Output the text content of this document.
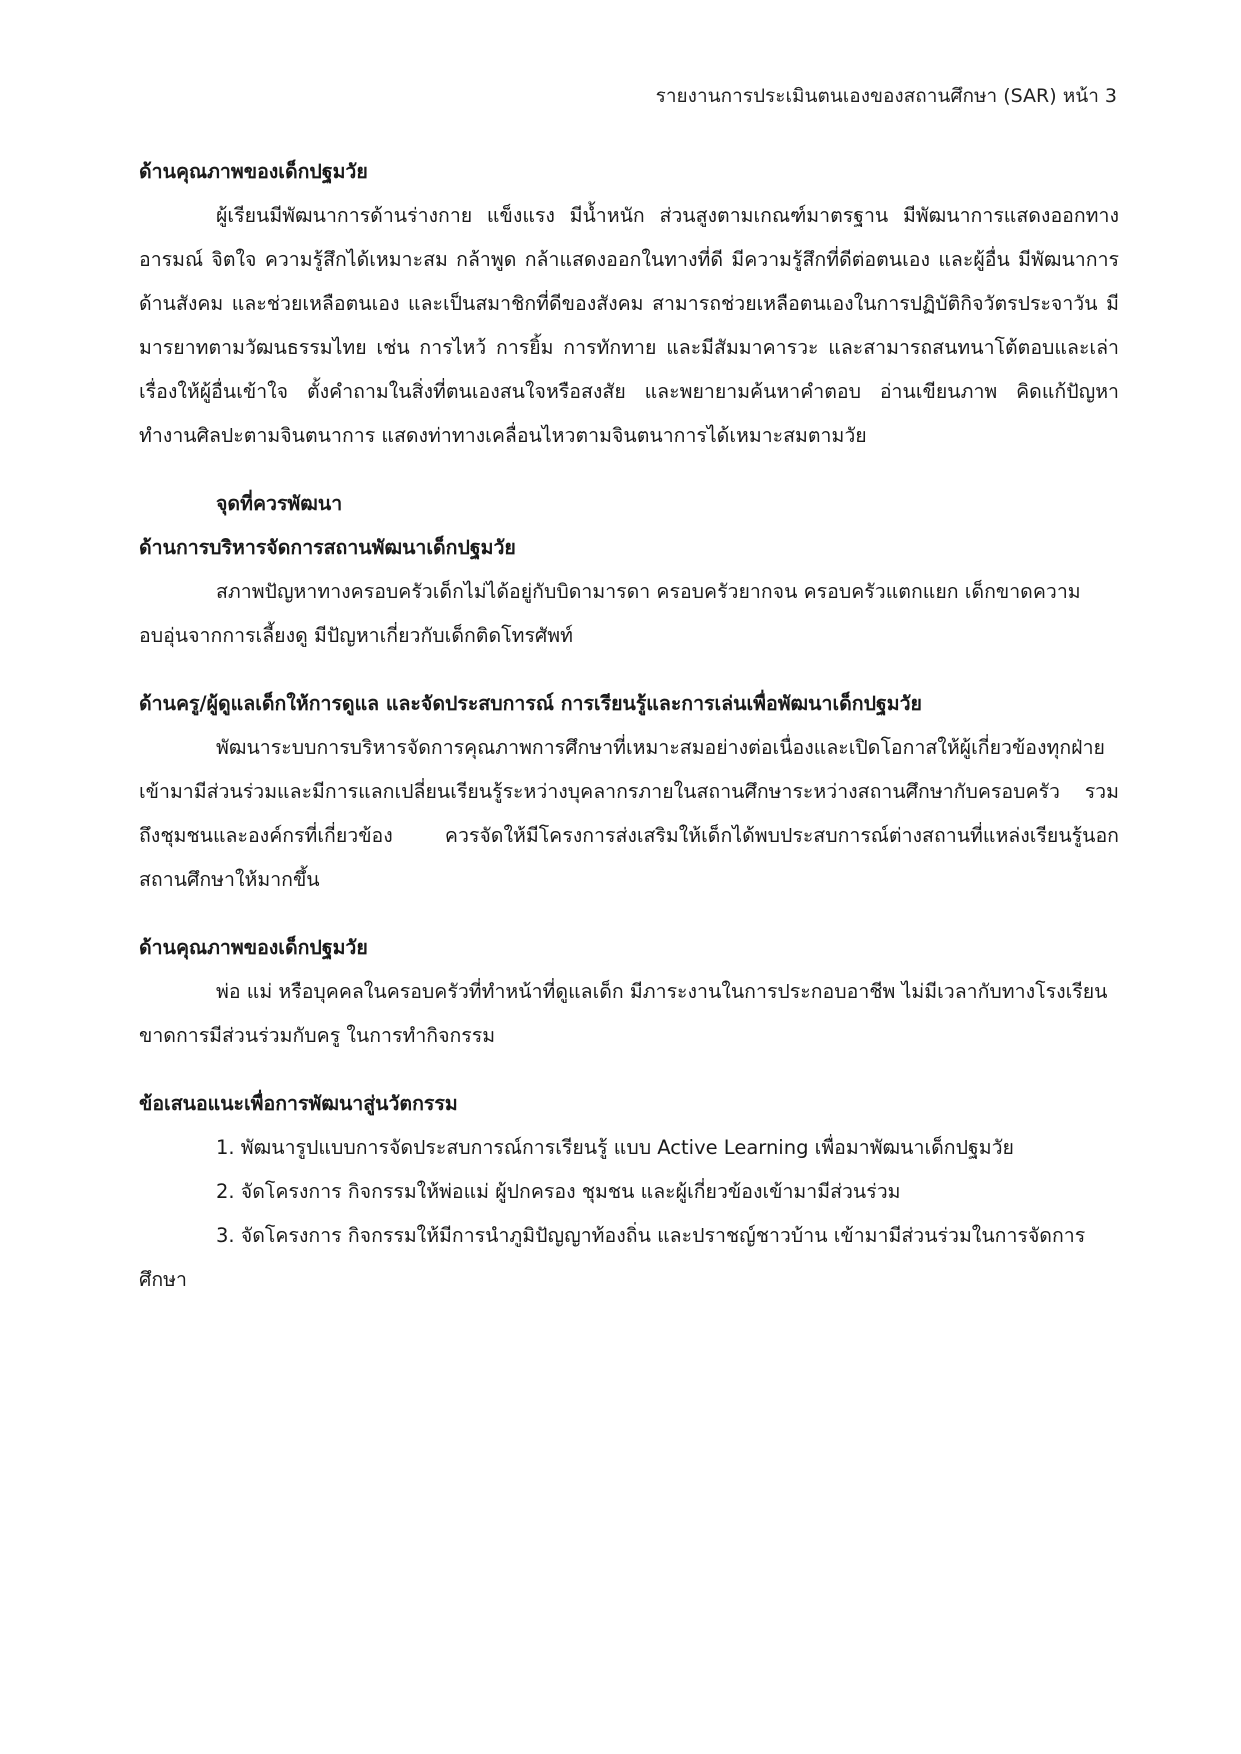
รายงานการประเมินตนเองของสถานศึกษา (SAR) หน้า 3

ด้านคุณภาพของเด็กปฐมวัย

ผู้เรียนมีพัฒนาการด้านร่างกาย แข็งแรง มีน้ำหนัก ส่วนสูงตามเกณฑ์มาตรฐาน มีพัฒนาการแสดงออกทางอารมณ์ จิตใจ ความรู้สึกได้เหมาะสม กล้าพูด กล้าแสดงออกในทางที่ดี มีความรู้สึกที่ดีต่อตนเอง และผู้อื่น มีพัฒนาการด้านสังคม และช่วยเหลือตนเอง และเป็นสมาชิกที่ดีของสังคม สามารถช่วยเหลือตนเองในการปฏิบัติกิจวัตรประจาวัน มีมารยาทตามวัฒนธรรมไทย เช่น การไหว้ การยิ้ม การทักทาย และมีสัมมาคารวะ และสามารถสนทนาโต้ตอบและเล่าเรื่องให้ผู้อื่นเข้าใจ ตั้งคำถามในสิ่งที่ตนเองสนใจหรือสงสัย และพยายามค้นหาคำตอบ อ่านเขียนภาพ คิดแก้ปัญหา ทำงานศิลปะตามจินตนาการ แสดงท่าทางเคลื่อนไหวตามจินตนาการได้เหมาะสมตามวัย

จุดที่ควรพัฒนา

ด้านการบริหารจัดการสถานพัฒนาเด็กปฐมวัย

สภาพปัญหาทางครอบครัวเด็กไม่ได้อยู่กับบิดามารดา ครอบครัวยากจน ครอบครัวแตกแยก เด็กขาดความอบอุ่นจากการเลี้ยงดู มีปัญหาเกี่ยวกับเด็กติดโทรศัพท์

ด้านครู/ผู้ดูแลเด็กให้การดูแล และจัดประสบการณ์ การเรียนรู้และการเล่นเพื่อพัฒนาเด็กปฐมวัย

พัฒนาระบบการบริหารจัดการคุณภาพการศึกษาที่เหมาะสมอย่างต่อเนื่องและเปิดโอกาสให้ผู้เกี่ยวข้องทุกฝ่ายเข้ามามีส่วนร่วมและมีการแลกเปลี่ยนเรียนรู้ระหว่างบุคลากรภายในสถานศึกษาระหว่างสถานศึกษากับครอบครัว รวมถึงชุมชนและองค์กรที่เกี่ยวข้อง ควรจัดให้มีโครงการส่งเสริมให้เด็กได้พบประสบการณ์ต่างสถานที่แหล่งเรียนรู้นอกสถานศึกษาให้มากขึ้น

ด้านคุณภาพของเด็กปฐมวัย

พ่อ แม่ หรือบุคคลในครอบครัวที่ทำหน้าที่ดูแลเด็ก มีภาระงานในการประกอบอาชีพ ไม่มีเวลากับทางโรงเรียน ขาดการมีส่วนร่วมกับครู ในการทำกิจกรรม

ข้อเสนอแนะเพื่อการพัฒนาสู่นวัตกรรม

1. พัฒนารูปแบบการจัดประสบการณ์การเรียนรู้ แบบ Active Learning เพื่อมาพัฒนาเด็กปฐมวัย
2. จัดโครงการ กิจกรรมให้พ่อแม่ ผู้ปกครอง ชุมชน และผู้เกี่ยวข้องเข้ามามีส่วนร่วม
3. จัดโครงการ กิจกรรมให้มีการนำภูมิปัญญาท้องถิ่น และปราชญ์ชาวบ้าน เข้ามามีส่วนร่วมในการจัดการศึกษา
